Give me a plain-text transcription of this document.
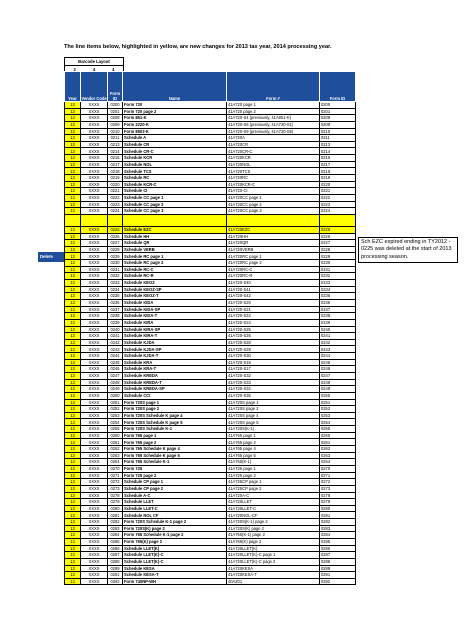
The line items below, highlighted in yellow, are new changes for 2013 tax year, 2014 processing year.
Barcode Layout
2	4	4
Year	Vendor Code	Form ID	Name	Form #	Form ID
13	XXXX	0200	Form 720	41A720 page 1	0200
13	XXXX	0201	Form 720 page 2	41A720 page 2	0201
13	XXXX	0208	Form 851-K	41A720-S4 (previously, 41A851-K)	0208
13	XXXX	0209	Form 2220-K	41A720-S6 (previously, 41A720-S1)	0209
13	XXXX	0210	Form 8903-K	41A720-S9 (previously, 41A720-S5)	0210
13	XXXX	0211	Schedule A	41A720A	0211
13	XXXX	0213	Schedule CR	41A720CR	0213
13	XXXX	0214	Schedule CR-C	41A720CR-C	0214
13	XXXX	0216	Schedule KCR	41A720KCR	0216
13	XXXX	0217	Schedule NOL	41A720NOL	0217
13	XXXX	0218	Schedule TCS	41A720TCS	0218
13	XXXX	0219	Schedule RC	41A720RC	0219
13	XXXX	0220	Schedule KCR-C	41A720KCR-C	0220
13	XXXX	0221	Schedule CI	41A720-CI	0221
13	XXXX	0222	Schedule CC page 1	41A720CC page 1	0222
13	XXXX	0223	Schedule CC page 2	41A720CC page 2	0223
13	XXXX	0224	Schedule CC page 3	41A720CC page 3	0224

13	XXXX	0225	Schedule EZC	41A720EZC	0225
13	XXXX	0226	Schedule HH	41A720HH	0226
13	XXXX	0227	Schedule QR	41A720QR	0227
13	XXXX	0228	Schedule VERB	41A720VERB	0228
13	XXXX	0229	Schedule RC page 1	41A720RC page 1	0229
13	XXXX	0230	Schedule RC page 2	41A720RC page 2	0230
13	XXXX	0231	Schedule RC-C	41A720RC-C	0231
13	XXXX	0232	Schedule RC-R	41A720RC-R	0232
13	XXXX	0233	Schedule KEOZ	41A720-S40	0233
13	XXXX	0234	Schedule KEOZ-SP	41A720-S41	0234
13	XXXX	0235	Schedule KEOZ-T	41A720-S42	0235
13	XXXX	0236	Schedule KIDA	41A720-S20	0236
13	XXXX	0237	Schedule KIDA-SP	41A720-S21	0237
13	XXXX	0238	Schedule KIDA-T	41A720-S22	0238
13	XXXX	0239	Schedule KIRA	41A720-S24	0239
13	XXXX	0240	Schedule KIRA-SP	41A720-S25	0240
13	XXXX	0241	Schedule KIRA-T	41A720-S26	0241
13	XXXX	0242	Schedule KJDA	41A720-S28	0242
13	XXXX	0243	Schedule KJDA-SP	41A720-S29	0243
13	XXXX	0244	Schedule KJDA-T	41A720-S30	0244
13	XXXX	0245	Schedule KRA	41A720-S16	0245
13	XXXX	0246	Schedule KRA-T	41A720-S17	0246
13	XXXX	0247	Schedule KREDA	41A720-S32	0247
13	XXXX	0248	Schedule KREDA-T	41A720-S33	0248
13	XXXX	0249	Schedule KREDA-SP	41A720-S34	0249
13	XXXX	0250	Schedule CCI	41A720-S35	0250
13	XXXX	0251	Form 720S page 1	41A720S page 1	0251
13	XXXX	0252	Form 720S page 2	41A720S page 2	0252
13	XXXX	0253	Form 720S Schedule K page 4	41A720S page 4	0253
13	XXXX	0254	Form 720S Schedule K page 5	41A720S page 5	0254
13	XXXX	0255	Form 720S Schedule K-1	41A720S(K-1)	0255
13	XXXX	0260	Form 765 page 1	41A765 page 1	0260
13	XXXX	0261	Form 765 page 2	41A765 page 2	0261
13	XXXX	0262	Form 765 Schedule K page 4	41A765 page 4	0262
13	XXXX	0263	Form 765 Schedule K page 5	41A765 page 5	0263
13	XXXX	0264	Form 765 Schedule K-1	41A765(K-1)	0264
13	XXXX	0270	Form 725	41A725 page 1	0270
13	XXXX	0271	Form 725 page 2	41A725 page 2	0271
13	XXXX	0272	Schedule CP page 1	41A725CP page 1	0272
13	XXXX	0273	Schedule CP page 2	41A725CP page 2	0273
13	XXXX	0278	Schedule A-C	41A720A-C	0278
13	XXXX	0279	Schedule LLET	41A720LLET	0279
13	XXXX	0280	Schedule LLET-C	41A720LLET-C	0280
13	XXXX	0281	Schedule NOL CF	41A720NOL-CF	0281
13	XXXX	0282	Form 720S Schedule K-1 page 2	41A720S(K-1) page 2	0282
13	XXXX	0283	Form 720S(K) page 2	41A720S(K) page 2	0283
13	XXXX	0284	Form 765 Schedule K-1 page 2	41A765(K-1) page 2	0284
13	XXXX	0285	Form 765(K) page 2	41A765(K) page 2	0285
13	XXXX	0286	Schedule LLET(K)	41A720LLET(K)	0286
13	XXXX	0287	Schedule LLET(K)-C	41A720LLET(K)-C page 1	0287
13	XXXX	0288	Schedule LLET(K)-C	41A720LLET(K)-C page 2	0288
13	XXXX	0289	Schedule KESA	41A720KESA	0289
13	XXXX	0291	Schedule KESA-T	41A720KESA-T	0291
13	XXXX	0292	Form 740NP-WH	40A201	0292
Delete
Sch EZC expired ending in TY2012 - 0225 was deleted at the start of 2013 processing season.
